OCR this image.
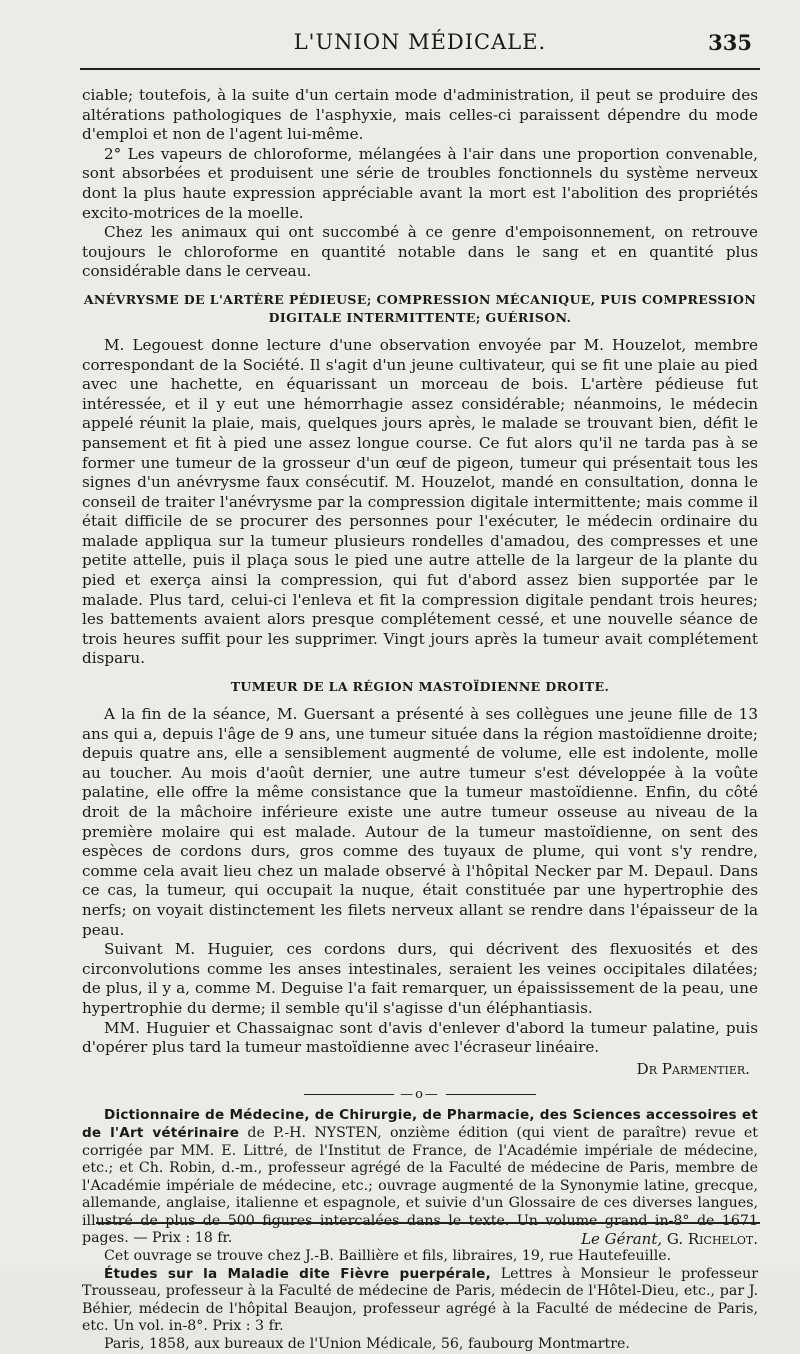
L'UNION MÉDICALE.	335

ciable; toutefois, à la suite d'un certain mode d'administration, il peut se produire des altérations pathologiques de l'asphyxie, mais celles-ci paraissent dépendre du mode d'emploi et non de l'agent lui-même.

2° Les vapeurs de chloroforme, mélangées à l'air dans une proportion convenable, sont absorbées et produisent une série de troubles fonctionnels du système nerveux dont la plus haute expression appréciable avant la mort est l'abolition des propriétés excito-motrices de la moelle.

Chez les animaux qui ont succombé à ce genre d'empoisonnement, on retrouve toujours le chloroforme en quantité notable dans le sang et en quantité plus considérable dans le cerveau.

ANÉVRYSME DE L'ARTÈRE PÉDIEUSE; COMPRESSION MÉCANIQUE, PUIS COMPRESSION DIGITALE INTERMITTENTE; GUÉRISON.

M. Legouest donne lecture d'une observation envoyée par M. Houzelot, membre correspondant de la Société. Il s'agit d'un jeune cultivateur, qui se fit une plaie au pied avec une hachette, en équarissant un morceau de bois. L'artère pédieuse fut intéressée, et il y eut une hémorrhagie assez considérable; néanmoins, le médecin appelé réunit la plaie, mais, quelques jours après, le malade se trouvant bien, défit le pansement et fit à pied une assez longue course. Ce fut alors qu'il ne tarda pas à se former une tumeur de la grosseur d'un œuf de pigeon, tumeur qui présentait tous les signes d'un anévrysme faux consécutif. M. Houzelot, mandé en consultation, donna le conseil de traiter l'anévrysme par la compression digitale intermittente; mais comme il était difficile de se procurer des personnes pour l'exécuter, le médecin ordinaire du malade appliqua sur la tumeur plusieurs rondelles d'amadou, des compresses et une petite attelle, puis il plaça sous le pied une autre attelle de la largeur de la plante du pied et exerça ainsi la compression, qui fut d'abord assez bien supportée par le malade. Plus tard, celui-ci l'enleva et fit la compression digitale pendant trois heures; les battements avaient alors presque complétement cessé, et une nouvelle séance de trois heures suffit pour les supprimer. Vingt jours après la tumeur avait complétement disparu.

TUMEUR DE LA RÉGION MASTOÏDIENNE DROITE.

A la fin de la séance, M. Guersant a présenté à ses collègues une jeune fille de 13 ans qui a, depuis l'âge de 9 ans, une tumeur située dans la région mastoïdienne droite; depuis quatre ans, elle a sensiblement augmenté de volume, elle est indolente, molle au toucher. Au mois d'août dernier, une autre tumeur s'est développée à la voûte palatine, elle offre la même consistance que la tumeur mastoïdienne. Enfin, du côté droit de la mâchoire inférieure existe une autre tumeur osseuse au niveau de la première molaire qui est malade. Autour de la tumeur mastoïdienne, on sent des espèces de cordons durs, gros comme des tuyaux de plume, qui vont s'y rendre, comme cela avait lieu chez un malade observé à l'hôpital Necker par M. Depaul. Dans ce cas, la tumeur, qui occupait la nuque, était constituée par une hypertrophie des nerfs; on voyait distinctement les filets nerveux allant se rendre dans l'épaisseur de la peau.

Suivant M. Huguier, ces cordons durs, qui décrivent des flexuosités et des circonvolutions comme les anses intestinales, seraient les veines occipitales dilatées; de plus, il y a, comme M. Deguise l'a fait remarquer, un épaississement de la peau, une hypertrophie du derme; il semble qu'il s'agisse d'un éléphantiasis.

MM. Huguier et Chassaignac sont d'avis d'enlever d'abord la tumeur palatine, puis d'opérer plus tard la tumeur mastoïdienne avec l'écraseur linéaire.

Dr Parmentier.
—o—

Dictionnaire de Médecine, de Chirurgie, de Pharmacie, des Sciences accessoires et de l'Art vétérinaire de P.-H. NYSTEN, onzième édition (qui vient de paraître) revue et corrigée par MM. E. Littré, de l'Institut de France, de l'Académie impériale de médecine, etc.; et Ch. Robin, d.-m., professeur agrégé de la Faculté de médecine de Paris, membre de l'Académie impériale de médecine, etc.; ouvrage augmenté de la Synonymie latine, grecque, allemande, anglaise, italienne et espagnole, et suivie d'un Glossaire de ces diverses langues, illustré de plus de 500 figures intercalées dans le texte. Un volume grand in-8° de 1671 pages. — Prix : 18 fr.

Cet ouvrage se trouve chez J.-B. Baillière et fils, libraires, 19, rue Hautefeuille.

Études sur la Maladie dite Fièvre puerpérale, Lettres à Monsieur le professeur Trousseau, professeur à la Faculté de médecine de Paris, médecin de l'Hôtel-Dieu, etc., par J. Béhier, médecin de l'hôpital Beaujon, professeur agrégé à la Faculté de médecine de Paris, etc. Un vol. in-8°. Prix : 3 fr.

Paris, 1858, aux bureaux de l'Union Médicale, 56, faubourg Montmartre.

Le Gérant, G. Richelot.
